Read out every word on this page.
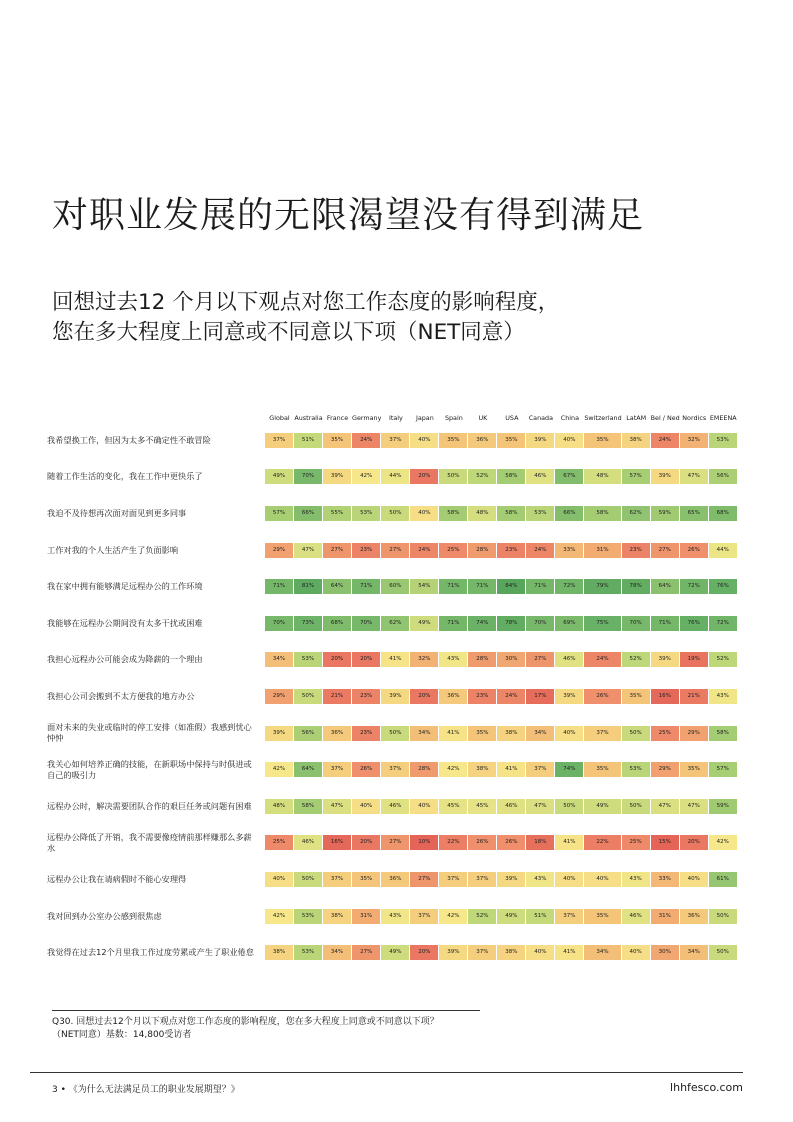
对职业发展的无限渴望没有得到满足
回想过去12 个月以下观点对您工作态度的影响程度，
您在多大程度上同意或不同意以下项（NET同意）
	Global	Australia	France	Germany	Italy	Japan	Spain	UK	USA	Canada	China	Switzerland	LatAM	Bel / Ned	Nordics	EMEENA
我希望换工作，但因为太多不确定性不敢冒险	37%	51%	35%	24%	37%	40%	35%	36%	35%	39%	40%	35%	38%	24%	32%	53%

随着工作生活的变化，我在工作中更快乐了	49%	70%	39%	42%	44%	20%	50%	52%	58%	46%	67%	48%	57%	39%	47%	56%

我迫不及待想再次面对面见到更多同事	57%	66%	55%	53%	50%	40%	58%	48%	58%	53%	66%	58%	62%	59%	65%	68%

工作对我的个人生活产生了负面影响	29%	47%	27%	23%	27%	24%	25%	28%	23%	24%	33%	31%	23%	27%	26%	44%

我在家中拥有能够满足远程办公的工作环境	71%	81%	64%	71%	60%	54%	71%	71%	84%	71%	72%	79%	78%	64%	72%	76%

我能够在远程办公期间没有太多干扰或困难	70%	73%	68%	70%	62%	49%	71%	74%	78%	70%	69%	75%	70%	71%	76%	72%

我担心远程办公可能会成为降薪的一个理由	34%	53%	20%	20%	41%	32%	43%	28%	30%	27%	46%	24%	52%	39%	19%	52%

我担心公司会搬到不太方便我的地方办公	29%	50%	21%	23%	39%	20%	36%	23%	24%	17%	39%	26%	35%	16%	21%	43%

面对未来的失业或临时的停工安排（如准假）我感到忧心忡忡	39%	56%	36%	23%	50%	34%	41%	35%	38%	34%	40%	37%	50%	25%	29%	58%

我关心如何培养正确的技能，在新职场中保持与时俱进或自己的吸引力	42%	64%	37%	26%	37%	28%	42%	38%	41%	37%	74%	35%	53%	29%	35%	57%

远程办公时，解决需要团队合作的艰巨任务或问题有困难	48%	58%	47%	40%	46%	40%	45%	45%	46%	47%	50%	49%	50%	47%	47%	59%

远程办公降低了开销，我不需要像疫情前那样赚那么多薪水	25%	46%	16%	20%	27%	10%	22%	26%	26%	18%	41%	22%	25%	15%	20%	42%

远程办公让我在请病假时不能心安理得	40%	50%	37%	35%	36%	27%	37%	37%	39%	43%	40%	40%	43%	33%	40%	61%

我对回到办公室办公感到很焦虑	42%	53%	38%	31%	43%	37%	42%	52%	49%	51%	37%	35%	46%	31%	36%	50%

我觉得在过去12个月里我工作过度劳累或产生了职业倦怠	38%	53%	34%	27%	49%	20%	39%	37%	38%	40%	41%	34%	40%	30%	34%	50%
Q30. 回想过去12个月以下观点对您工作态度的影响程度，您在多大程度上同意或不同意以下项？
（NET同意）基数：14,800受访者
3 • 《为什么无法满足员工的职业发展期望？》	lhhfesco.com
